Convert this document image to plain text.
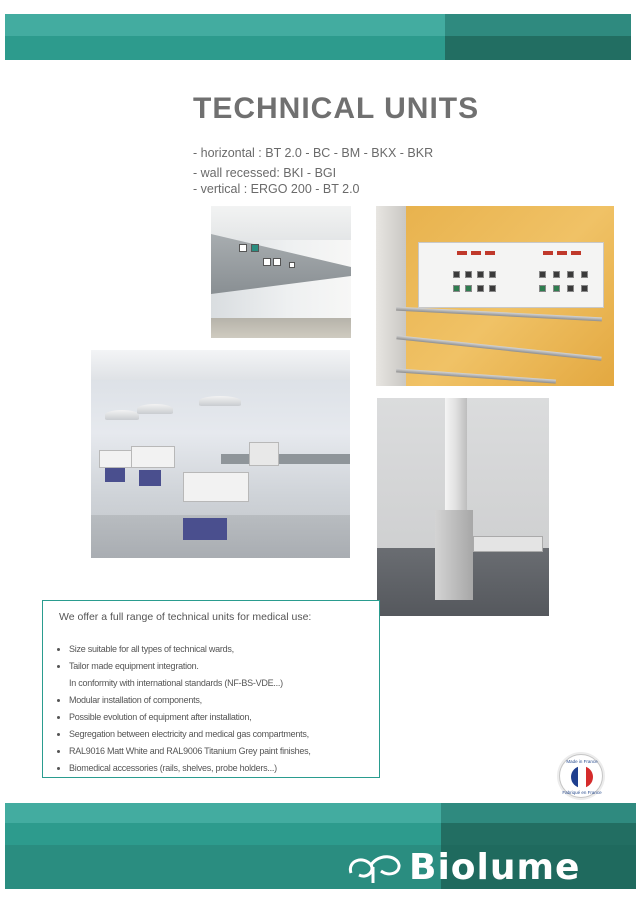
TECHNICAL UNITS
- horizontal : BT 2.0 - BC - BM - BKX - BKR
- wall recessed: BKI - BGI
- vertical : ERGO 200 - BT 2.0
We offer a full range of technical units for medical use:
Size suitable for all types of technical wards,
Tailor made equipment integration.
In conformity with international standards (NF-BS-VDE...)
Modular installation of components,
Possible evolution of equipment after installation,
Segregation between electricity and medical gas compartments,
RAL9016 Matt White and RAL9006 Titanium Grey paint finishes,
Biomedical accessories (rails, shelves, probe holders...)
Made in France
Fabriqué en France
Biolume
